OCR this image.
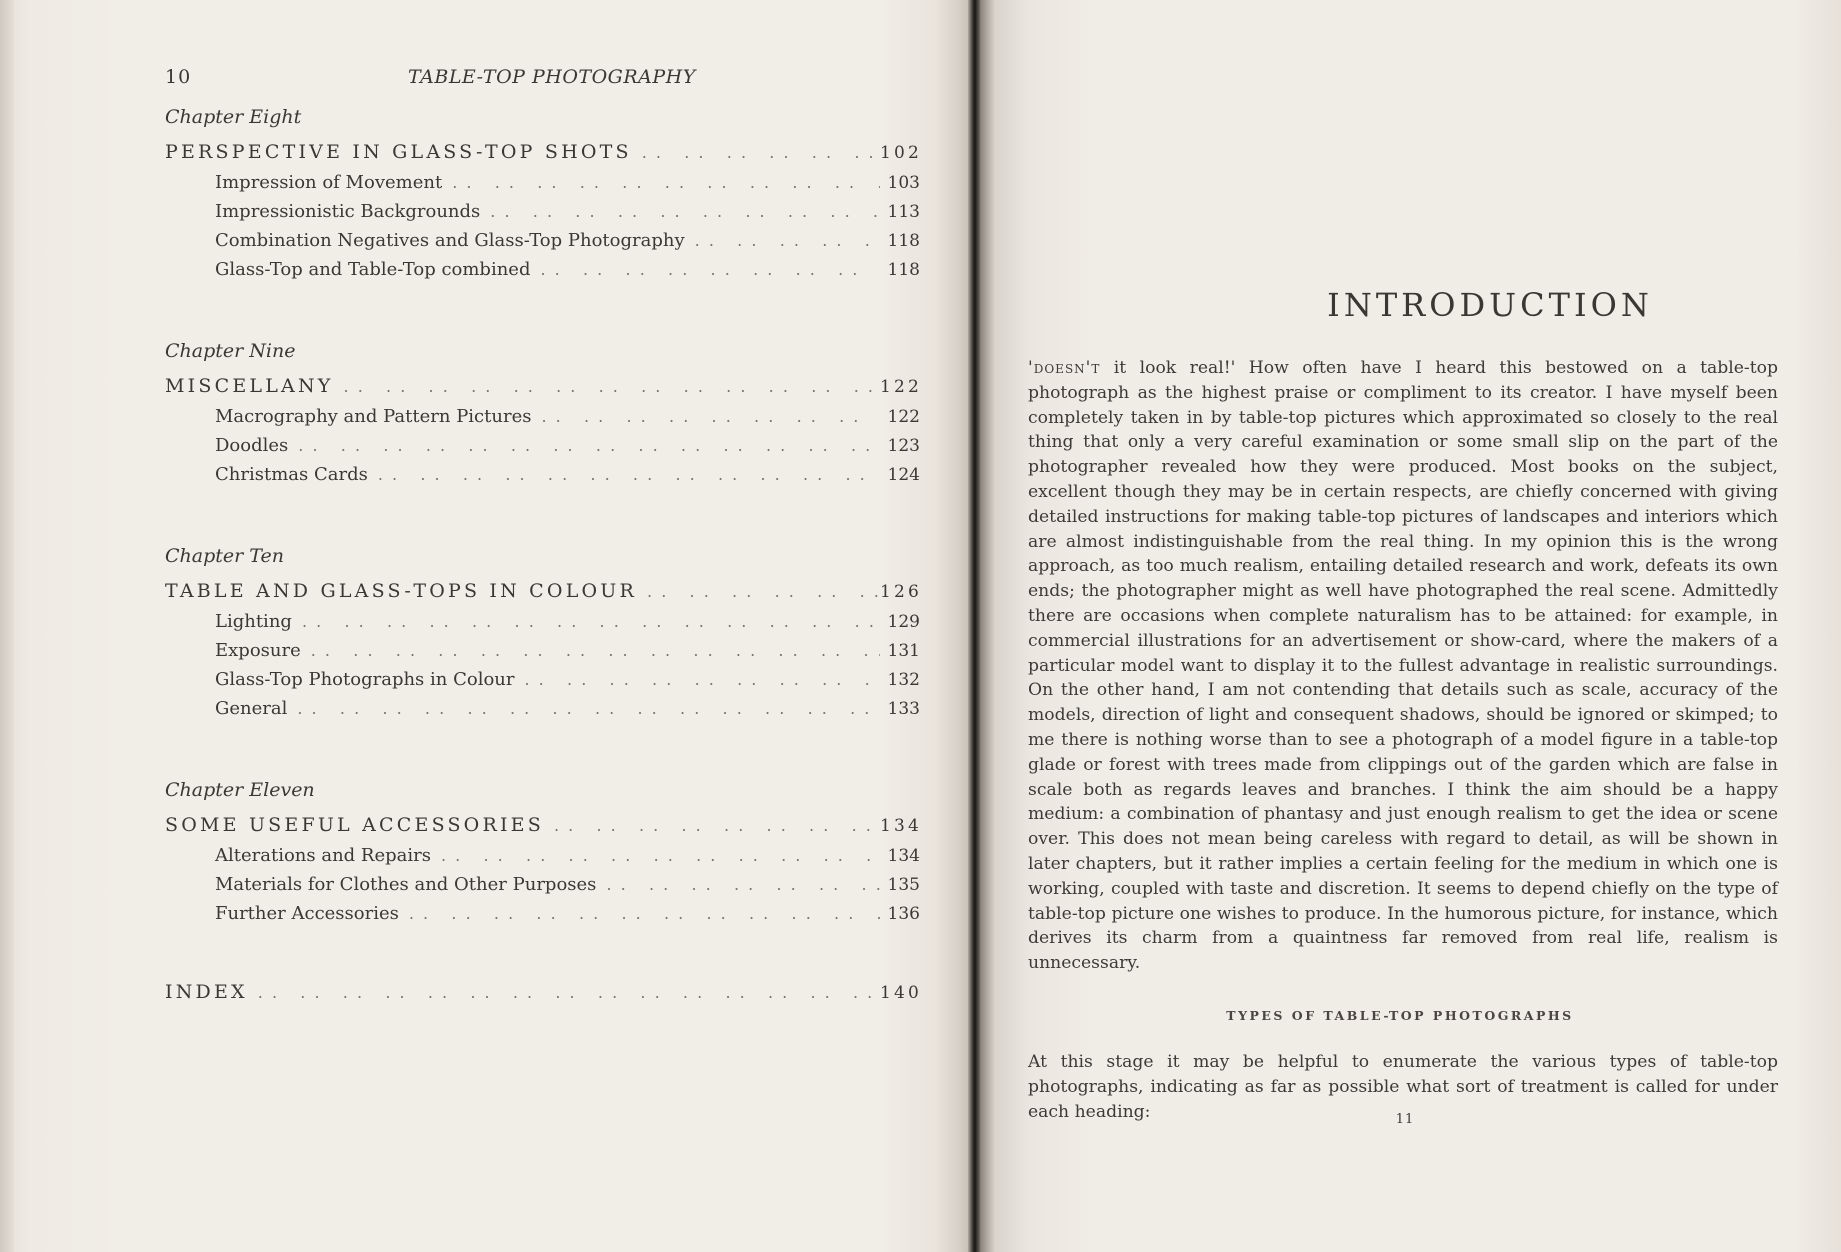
10	TABLE-TOP PHOTOGRAPHY
Chapter Eight
PERSPECTIVE IN GLASS-TOP SHOTS . .	102
Impression of Movement . .	103
Impressionistic Backgrounds . .	113
Combination Negatives and Glass-Top Photography . .	118
Glass-Top and Table-Top combined . .	118
Chapter Nine
MISCELLANY . .	122
Macrography and Pattern Pictures . .	122
Doodles . .	123
Christmas Cards . .	124
Chapter Ten
TABLE AND GLASS-TOPS IN COLOUR . .	126
Lighting . .	129
Exposure . .	131
Glass-Top Photographs in Colour . .	132
General . .	133
Chapter Eleven
SOME USEFUL ACCESSORIES . .	134
Alterations and Repairs . .	134
Materials for Clothes and Other Purposes . .	135
Further Accessories . .	136
INDEX . .	140
INTRODUCTION
'doesn't it look real!' How often have I heard this bestowed on a table-top photograph as the highest praise or compliment to its creator. I have myself been completely taken in by table-top pictures which approximated so closely to the real thing that only a very careful examination or some small slip on the part of the photographer revealed how they were produced. Most books on the subject, excellent though they may be in certain respects, are chiefly concerned with giving detailed instructions for making table-top pictures of landscapes and interiors which are almost indistinguishable from the real thing. In my opinion this is the wrong approach, as too much realism, entailing detailed research and work, defeats its own ends; the photographer might as well have photographed the real scene. Admittedly there are occasions when complete naturalism has to be attained: for example, in commercial illustrations for an advertisement or show-card, where the makers of a particular model want to display it to the fullest advantage in realistic surroundings. On the other hand, I am not contending that details such as scale, accuracy of the models, direction of light and consequent shadows, should be ignored or skimped; to me there is nothing worse than to see a photograph of a model figure in a table-top glade or forest with trees made from clippings out of the garden which are false in scale both as regards leaves and branches. I think the aim should be a happy medium: a combination of phantasy and just enough realism to get the idea or scene over. This does not mean being careless with regard to detail, as will be shown in later chapters, but it rather implies a certain feeling for the medium in which one is working, coupled with taste and discretion. It seems to depend chiefly on the type of table-top picture one wishes to produce. In the humorous picture, for instance, which derives its charm from a quaintness far removed from real life, realism is unnecessary.
TYPES OF TABLE-TOP PHOTOGRAPHS
At this stage it may be helpful to enumerate the various types of table-top photographs, indicating as far as possible what sort of treatment is called for under each heading:	11
